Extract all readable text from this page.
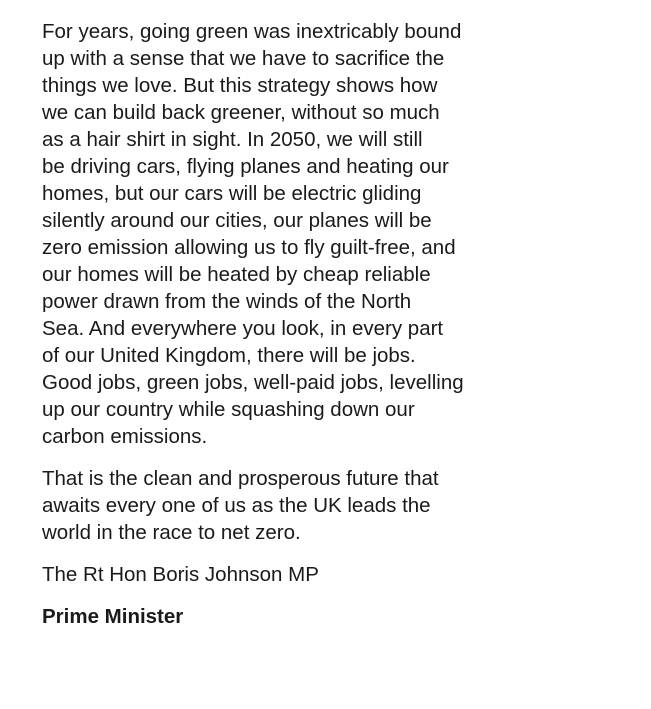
For years, going green was inextricably bound
up with a sense that we have to sacrifice the
things we love. But this strategy shows how
we can build back greener, without so much
as a hair shirt in sight. In 2050, we will still
be driving cars, flying planes and heating our
homes, but our cars will be electric gliding
silently around our cities, our planes will be
zero emission allowing us to fly guilt-free, and
our homes will be heated by cheap reliable
power drawn from the winds of the North
Sea. And everywhere you look, in every part
of our United Kingdom, there will be jobs.
Good jobs, green jobs, well-paid jobs, levelling
up our country while squashing down our
carbon emissions.
That is the clean and prosperous future that
awaits every one of us as the UK leads the
world in the race to net zero.
The Rt Hon Boris Johnson MP
Prime Minister
